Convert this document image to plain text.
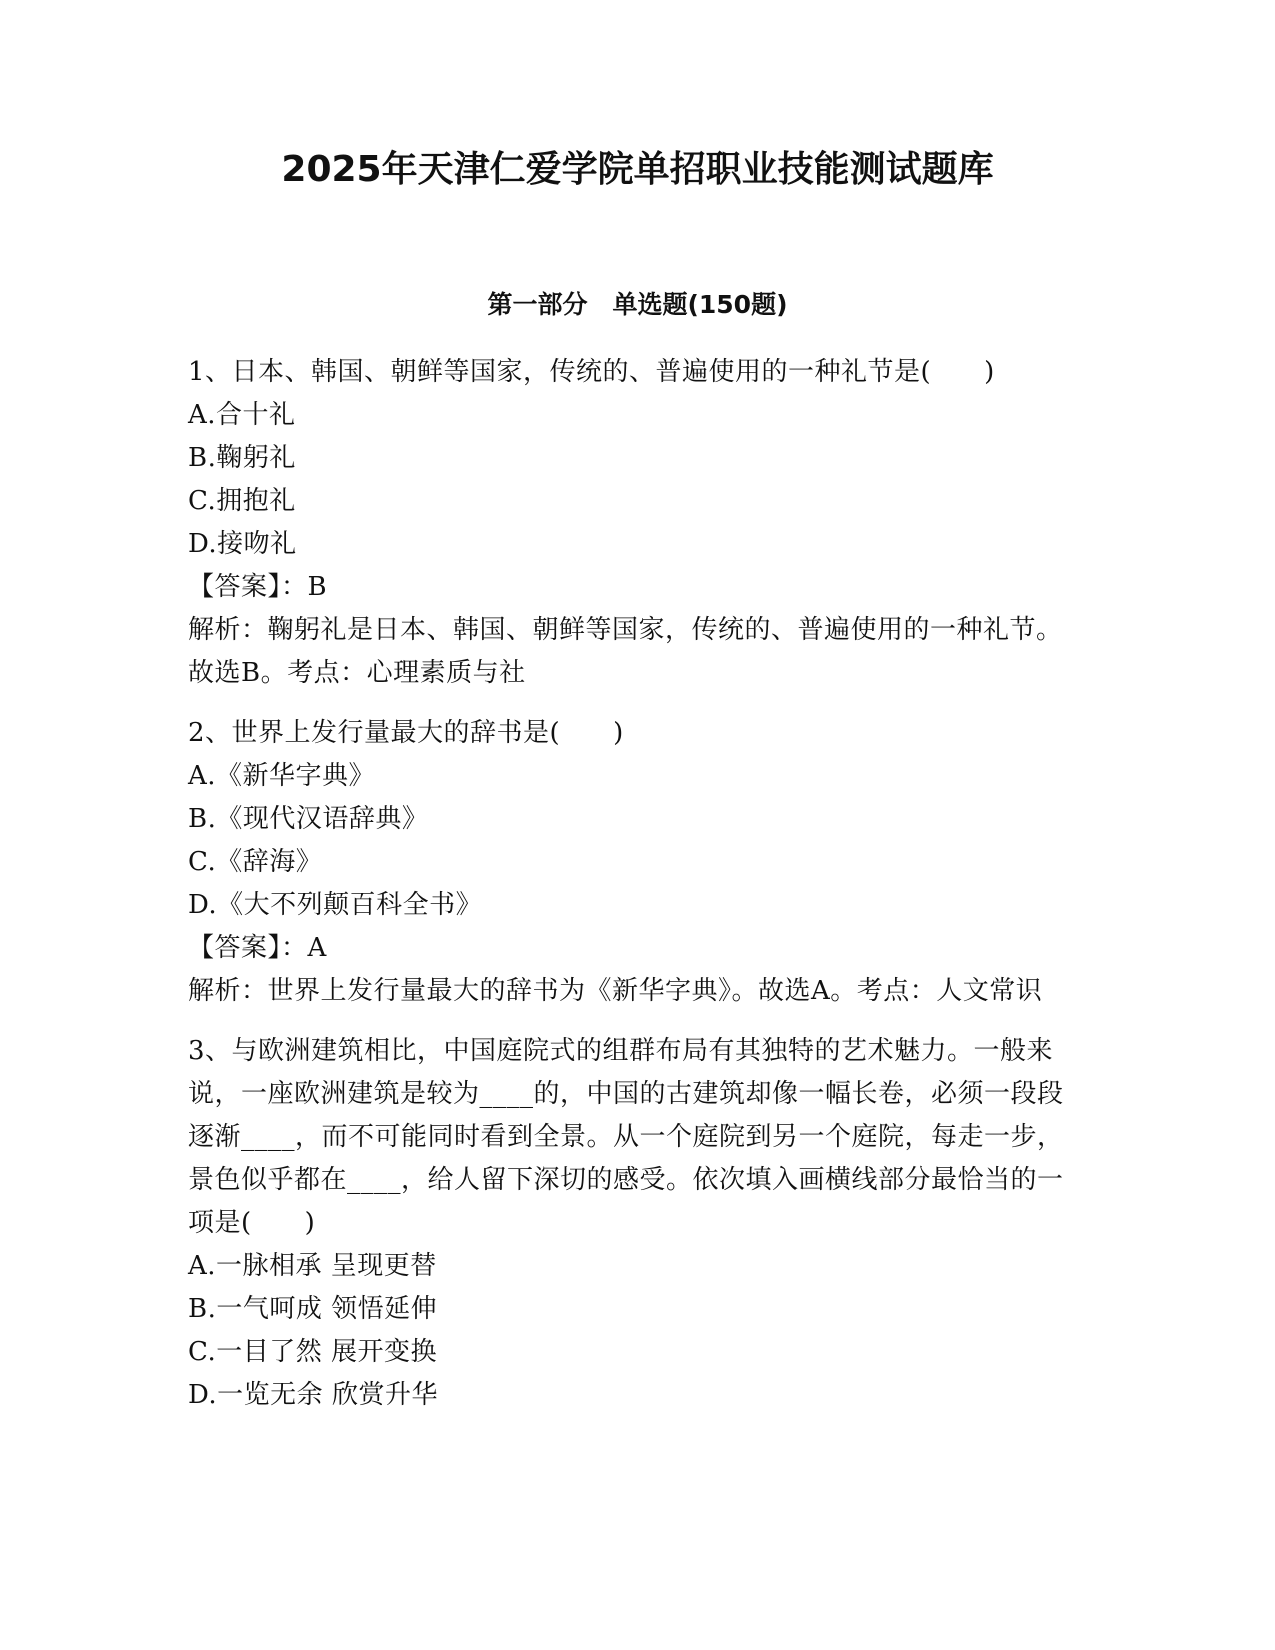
2025年天津仁爱学院单招职业技能测试题库
第一部分　单选题(150题)

1、日本、韩国、朝鲜等国家，传统的、普遍使用的一种礼节是(　　)

A.合十礼

B.鞠躬礼

C.拥抱礼

D.接吻礼

【答案】：B

解析：鞠躬礼是日本、韩国、朝鲜等国家，传统的、普遍使用的一种礼节。故选B。考点：心理素质与社

2、世界上发行量最大的辞书是(　　)

A.《新华字典》

B.《现代汉语辞典》

C.《辞海》

D.《大不列颠百科全书》

【答案】：A

解析：世界上发行量最大的辞书为《新华字典》。故选A。考点：人文常识

3、与欧洲建筑相比，中国庭院式的组群布局有其独特的艺术魅力。一般来说，一座欧洲建筑是较为____的，中国的古建筑却像一幅长卷，必须一段段逐渐____，而不可能同时看到全景。从一个庭院到另一个庭院，每走一步，景色似乎都在____，给人留下深切的感受。依次填入画横线部分最恰当的一项是(　　)

A.一脉相承 呈现更替

B.一气呵成 领悟延伸

C.一目了然 展开变换

D.一览无余 欣赏升华
